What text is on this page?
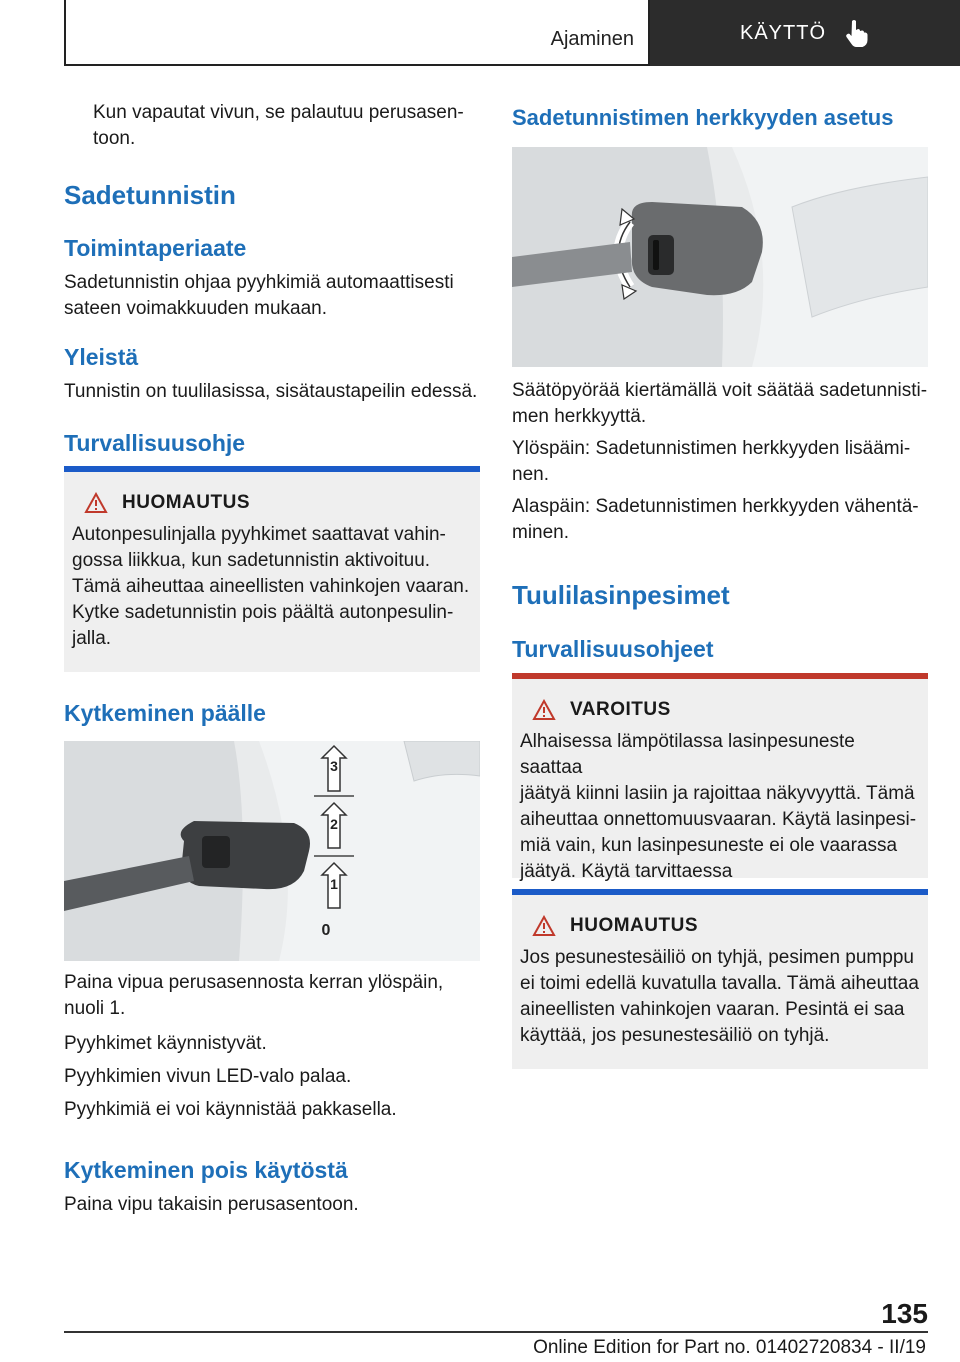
Ajaminen	KÄYTTÖ
Kun vapautat vivun, se palautuu perusasen-
toon.
Sadetunnistin
Toimintaperiaate
Sadetunnistin ohjaa pyyhkimiä automaattisesti sateen voimakkuuden mukaan.
Yleistä
Tunnistin on tuulilasissa, sisätaustapeilin edessä.
Turvallisuusohje
HUOMAUTUS
Autonpesulinjalla pyyhkimet saattavat vahin-
gossa liikkua, kun sadetunnistin aktivoituu.
Tämä aiheuttaa aineellisten vahinkojen vaaran.
Kytke sadetunnistin pois päältä autonpesulin-
jalla.
Kytkeminen päälle
3
2
1
0
Paina vipua perusasennosta kerran ylöspäin,
nuoli 1.
Pyyhkimet käynnistyvät.
Pyyhkimien vivun LED-valo palaa.
Pyyhkimiä ei voi käynnistää pakkasella.
Kytkeminen pois käytöstä
Paina vipu takaisin perusasentoon.
Sadetunnistimen herkkyyden asetus
Säätöpyörää kiertämällä voit säätää sadetunnisti-
men herkkyyttä.
Ylöspäin: Sadetunnistimen herkkyyden lisäämi-
nen.
Alaspäin: Sadetunnistimen herkkyyden vähentä-
minen.
Tuulilasinpesimet
Turvallisuusohjeet
VAROITUS
Alhaisessa lämpötilassa lasinpesuneste saattaa
jäätyä kiinni lasiin ja rajoittaa näkyvyyttä. Tämä
aiheuttaa onnettomuusvaaran. Käytä lasinpesi-
miä vain, kun lasinpesuneste ei ole vaarassa
jäätyä. Käytä tarvittaessa
HUOMAUTUS
Jos pesunestesäiliö on tyhjä, pesimen pumppu
ei toimi edellä kuvatulla tavalla. Tämä aiheuttaa
aineellisten vahinkojen vaaran. Pesintä ei saa
käyttää, jos pesunestesäiliö on tyhjä.
135
Online Edition for Part no. 01402720834 - II/19
